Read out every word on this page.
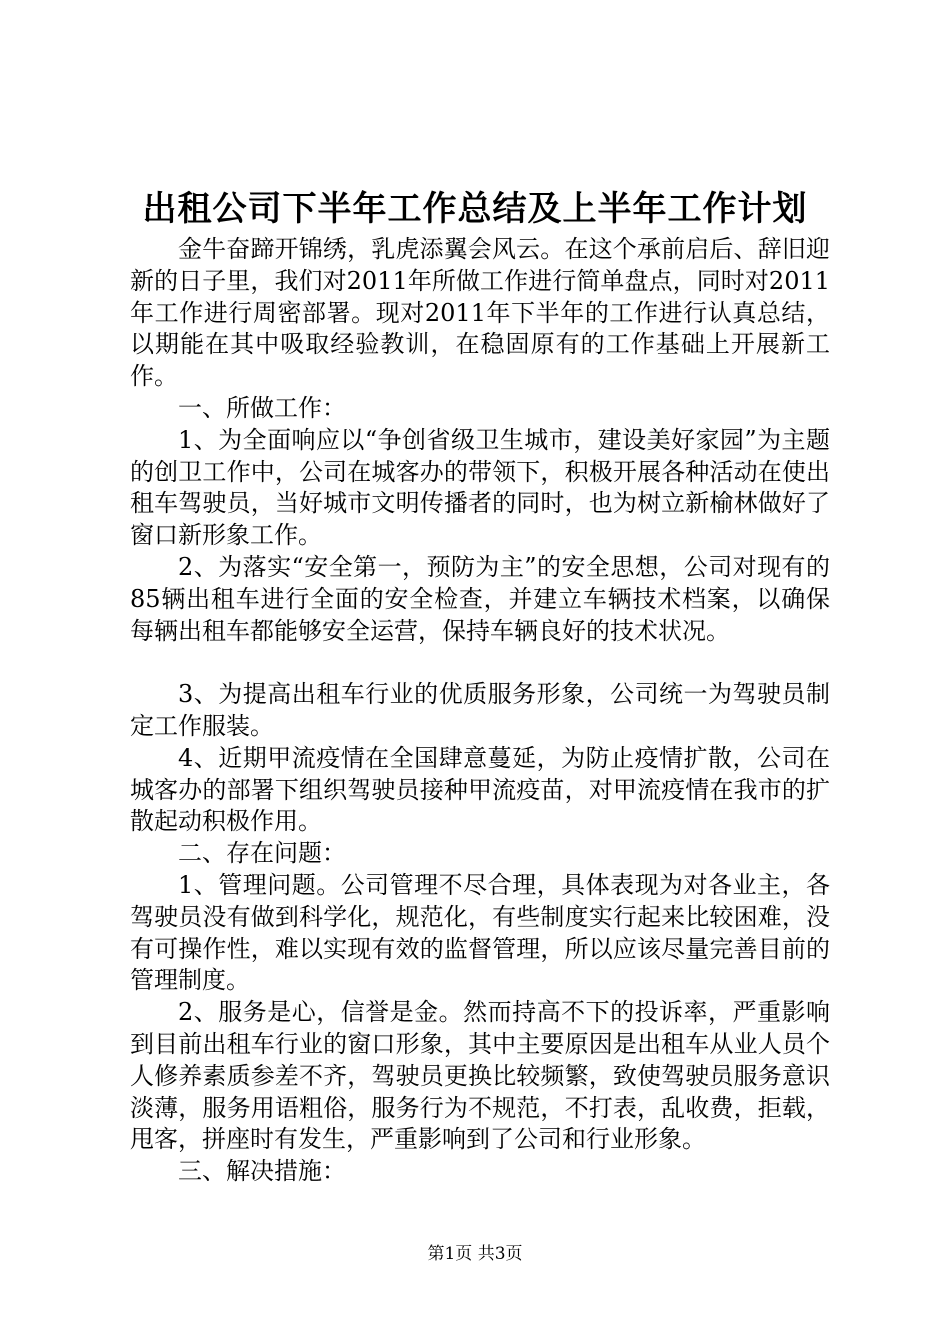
出租公司下半年工作总结及上半年工作计划

金牛奋蹄开锦绣，乳虎添翼会风云。在这个承前启后、辞旧迎新的日子里，我们对2011年所做工作进行简单盘点，同时对2011年工作进行周密部署。现对2011年下半年的工作进行认真总结，以期能在其中吸取经验教训，在稳固原有的工作基础上开展新工作。

一、所做工作：

1、为全面响应以“争创省级卫生城市，建设美好家园”为主题的创卫工作中，公司在城客办的带领下，积极开展各种活动在使出租车驾驶员，当好城市文明传播者的同时，也为树立新榆林做好了窗口新形象工作。

2、为落实“安全第一，预防为主”的安全思想，公司对现有的85辆出租车进行全面的安全检查，并建立车辆技术档案，以确保每辆出租车都能够安全运营，保持车辆良好的技术状况。

3、为提高出租车行业的优质服务形象，公司统一为驾驶员制定工作服装。

4、近期甲流疫情在全国肆意蔓延，为防止疫情扩散，公司在城客办的部署下组织驾驶员接种甲流疫苗，对甲流疫情在我市的扩散起动积极作用。

二、存在问题：

1、管理问题。公司管理不尽合理，具体表现为对各业主，各驾驶员没有做到科学化，规范化，有些制度实行起来比较困难，没有可操作性，难以实现有效的监督管理，所以应该尽量完善目前的管理制度。

2、服务是心，信誉是金。然而持高不下的投诉率，严重影响到目前出租车行业的窗口形象，其中主要原因是出租车从业人员个人修养素质参差不齐，驾驶员更换比较频繁，致使驾驶员服务意识淡薄，服务用语粗俗，服务行为不规范，不打表，乱收费，拒载，甩客，拼座时有发生，严重影响到了公司和行业形象。

三、解决措施：

第1页 共3页
